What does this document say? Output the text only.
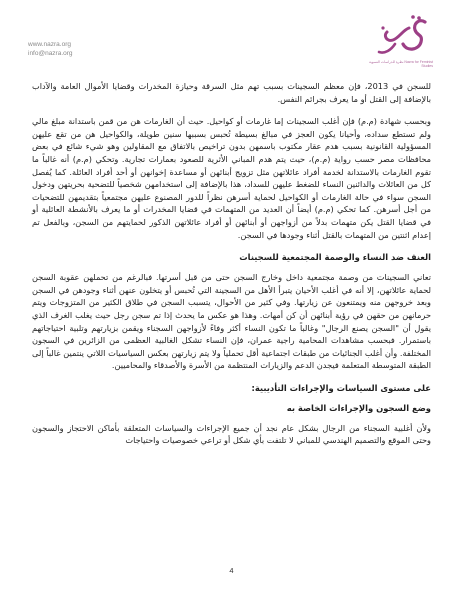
www.nazra.org
info@nazra.org
نظرة للدراسات النسوية Nazra for Feminist Studies

للسجن في 2013، فإن معظم السجينات بسبب تهم مثل السرقة وحيازة المخدرات وقضايا الأموال العامة والآداب بالإضافة إلى القتل أو ما يعرف بجرائم النفس.

وبحسب شهادة (م.م) فإن أغلب السجينات إما غارمات أو كواحيل. حيث أن الغارمات هن من قمن باستدانة مبلغ مالي ولم تستطع سداده، وأحيانا يكون العجز في مبالغ بسيطة تُحبس بسببها سنين طويلة، والكواحيل هن من تقع عليهن المسؤولية القانونية بسبب هدم عقار مكتوب باسمهن بدون تراخيص بالاتفاق مع المقاولين وهو شيء شائع في بعض محافظات مصر حسب رواية (م.م)، حيث يتم هدم المباني الأثرية للصعود بعمارات تجارية. وتحكي (م.م) أنه غالباً ما تقوم الغارمات بالاستدانة لخدمة أفراد عائلاتهن مثل تزويج أبنائهن أو مساعدة إخوانهن أو أحد أفراد العائلة. كما يُفصل كل من العائلات والدائنين النساء للضغط عليهن للسداد، هذا بالإضافة إلى استخدامهن شخصياً للتضحية بحريتهن ودخول السجن سواء في حالة الغارمات أو الكواحيل لحماية أسرهن نظراً للدور المصنوع عليهن مجتمعياً بتقديمهن للتضحيات من أجل أسرهن. كما تحكي (م.م) أيضاً أن العديد من المتهمات في قضايا المخدرات أو ما يعرف بالأنشطة العائلية أو في قضايا القتل يكن متهمات بدلاً من أزواجهن أو أبنائهن أو أفراد عائلاتهن الذكور لحمايتهم من السجن، وبالفعل تم إعدام اثنتين من المتهمات بالقتل أثناء وجودها في السجن.

العنف ضد النساء والوصمة المجتمعية للسجينات

تعاني السجينات من وصمة مجتمعية داخل وخارج السجن حتى من قبل أسرتها. فبالرغم من تحملهن عقوبة السجن لحماية عائلاتهن، إلا أنه في أغلب الأحيان يتبرأ الأهل من السجينة التي تُحبس أو يتخلون عنهن أثناء وجودهن في السجن وبعد خروجهن منه ويمتنعون عن زيارتها. وفي كثير من الأحوال، يتسبب السجن في طلاق الكثير من المتزوجات ويتم حرمانهن من حقهن في رؤية أبنائهن أن كن أمهات. وهذا هو عكس ما يحدث إذا تم سجن رجل حيث يغلب الغرف الذي يقول أن "السجن يصنع الرجال" وغالباً ما تكون النساء أكثر وفاءً لأزواجهن السجناء ويقمن بزيارتهم وتلبية احتياجاتهم باستمرار. فبحسب مشاهدات المحامية راجية عمران، فإن النساء تشكل الغالبية العظمى من الزائرين في السجون المختلفة. وأن أغلب الجنائيات من طبقات اجتماعية أقل تحملياً ولا يتم زيارتهن بعكس السياسيات اللاتي ينتمين غالباً إلى الطبقة المتوسطة المتعلمة فيجدن الدعم والزيارات المنتظمة من الأسرة والأصدقاء والمحاميين.

على مستوى السياسات والإجراءات التأديبية:
وضع السجون والإجراءات الخاصة به

ولأن أغلبية السجناء من الرجال بشكل عام نجد أن جميع الإجراءات والسياسات المتعلقة بأماكن الاحتجاز والسجون وحتى الموقع والتصميم الهندسي للمباني لا تلتفت بأي شكل أو تراعي خصوصيات واحتياجات

4
